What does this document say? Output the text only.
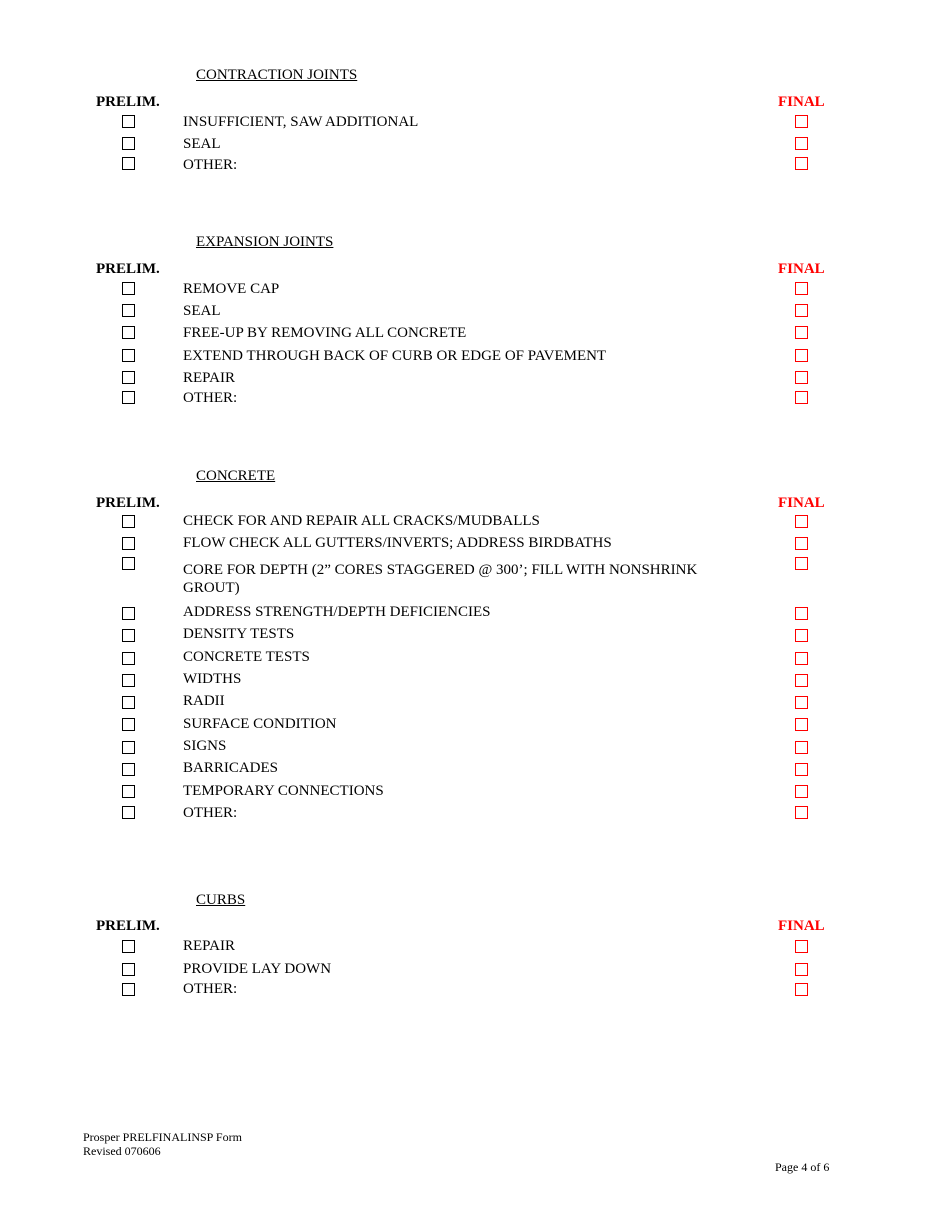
CONTRACTION JOINTS
PRELIM.	FINAL
INSUFFICIENT, SAW ADDITIONAL
SEAL
OTHER:
EXPANSION JOINTS
PRELIM.	FINAL
REMOVE CAP
SEAL
FREE-UP BY REMOVING ALL CONCRETE
EXTEND THROUGH BACK OF CURB OR EDGE OF PAVEMENT
REPAIR
OTHER:
CONCRETE
PRELIM.	FINAL
CHECK FOR AND REPAIR ALL CRACKS/MUDBALLS
FLOW CHECK ALL GUTTERS/INVERTS; ADDRESS BIRDBATHS
CORE FOR DEPTH (2” CORES STAGGERED @ 300’; FILL WITH NONSHRINK GROUT)
ADDRESS STRENGTH/DEPTH DEFICIENCIES
DENSITY TESTS
CONCRETE TESTS
WIDTHS
RADII
SURFACE CONDITION
SIGNS
BARRICADES
TEMPORARY CONNECTIONS
OTHER:
CURBS
PRELIM.	FINAL
REPAIR
PROVIDE LAY DOWN
OTHER:
Prosper PRELFINALINSP Form
Revised 070606
Page 4 of 6
